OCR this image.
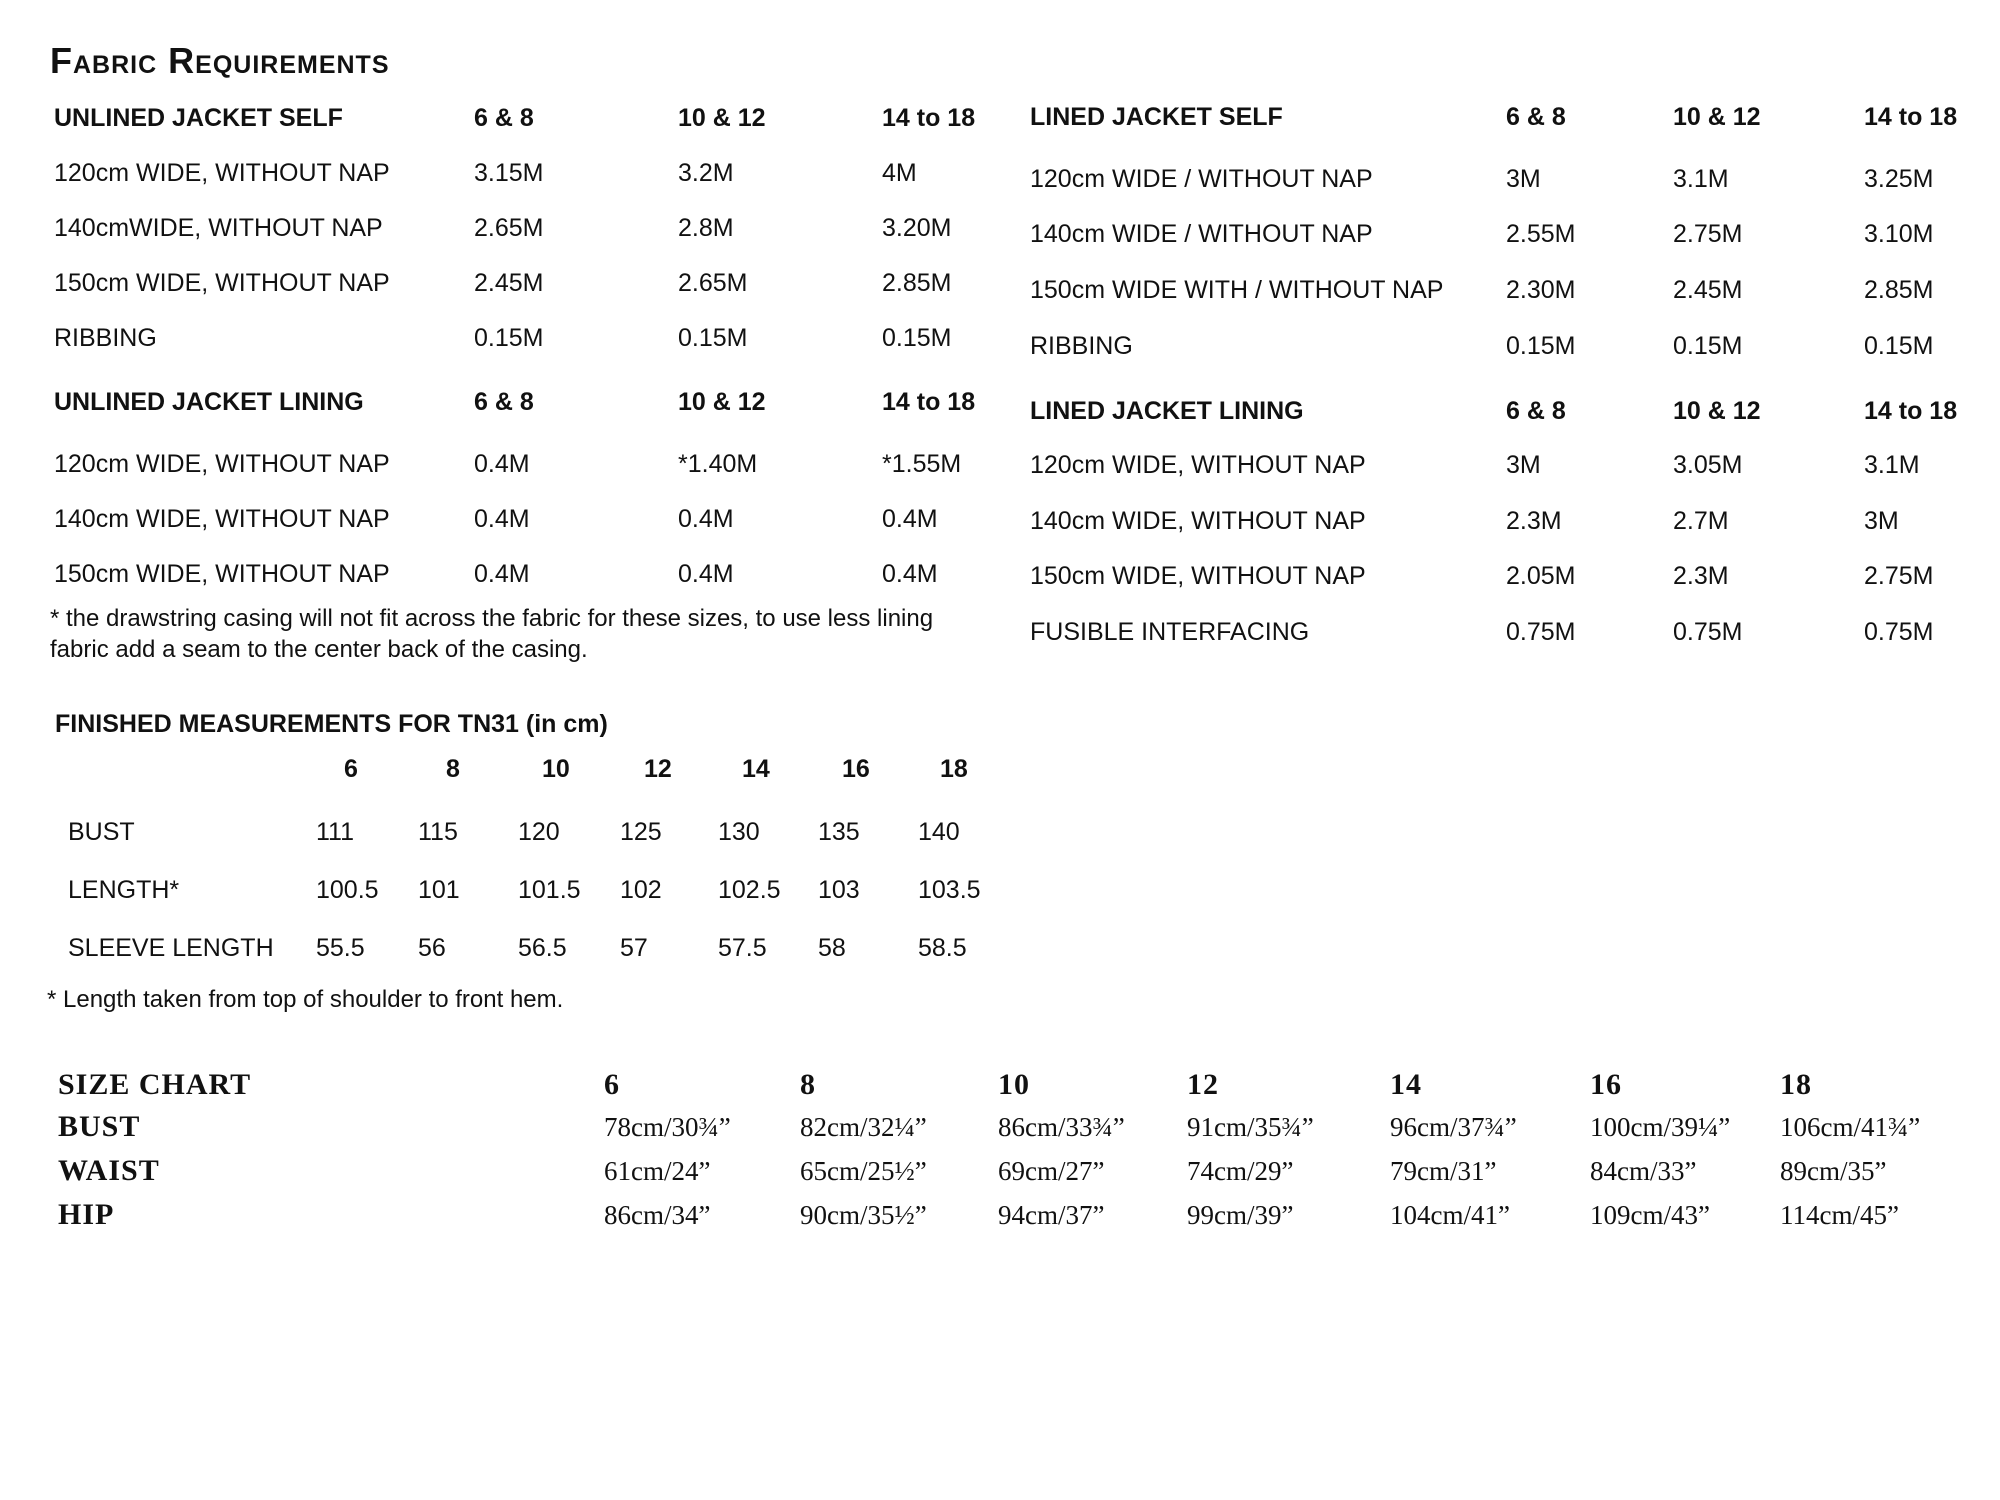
Fabric Requirements
UNLINED JACKET SELF	6 & 8	10 & 12	14 to 18
120cm WIDE, WITHOUT NAP	3.15M	3.2M	4M
140cmWIDE, WITHOUT NAP	2.65M	2.8M	3.20M
150cm WIDE, WITHOUT NAP	2.45M	2.65M	2.85M
RIBBING	0.15M	0.15M	0.15M
UNLINED JACKET LINING	6 & 8	10 & 12	14 to 18
120cm WIDE, WITHOUT NAP	0.4M	*1.40M	*1.55M
140cm WIDE, WITHOUT NAP	0.4M	0.4M	0.4M
150cm WIDE, WITHOUT NAP	0.4M	0.4M	0.4M
* the drawstring casing will not fit across the fabric for these sizes, to use less lining fabric add a seam to the center back of the casing.
LINED JACKET SELF	6 & 8	10 & 12	14 to 18
120cm WIDE / WITHOUT NAP	3M	3.1M	3.25M
140cm WIDE / WITHOUT NAP	2.55M	2.75M	3.10M
150cm WIDE WITH / WITHOUT NAP	2.30M	2.45M	2.85M
RIBBING	0.15M	0.15M	0.15M
LINED JACKET LINING	6 & 8	10 & 12	14 to 18
120cm WIDE, WITHOUT NAP	3M	3.05M	3.1M
140cm WIDE, WITHOUT NAP	2.3M	2.7M	3M
150cm WIDE, WITHOUT NAP	2.05M	2.3M	2.75M
FUSIBLE INTERFACING	0.75M	0.75M	0.75M
FINISHED MEASUREMENTS FOR TN31 (in cm)
6	8	10	12	14	16	18
BUST	111	115 120 125 130 135 140
LENGTH*	100.5 101 101.5 102 102.5 103 103.5
SLEEVE LENGTH 55.5 56	56.5 57	57.5 58	58.5
* Length taken from top of shoulder to front hem.
SIZE CHART	6	8	10	12	14	16	18
BUST	78cm/30¾”	82cm/32¼”	86cm/33¾” 91cm/35¾”	96cm/37¾”	100cm/39¼” 106cm/41¾”
WAIST	61cm/24”	65cm/25½”	69cm/27”	74cm/29”	79cm/31”	84cm/33”	89cm/35”
HIP	86cm/34”	90cm/35½”	94cm/37”	99cm/39”	104cm/41”	109cm/43”	114cm/45”
